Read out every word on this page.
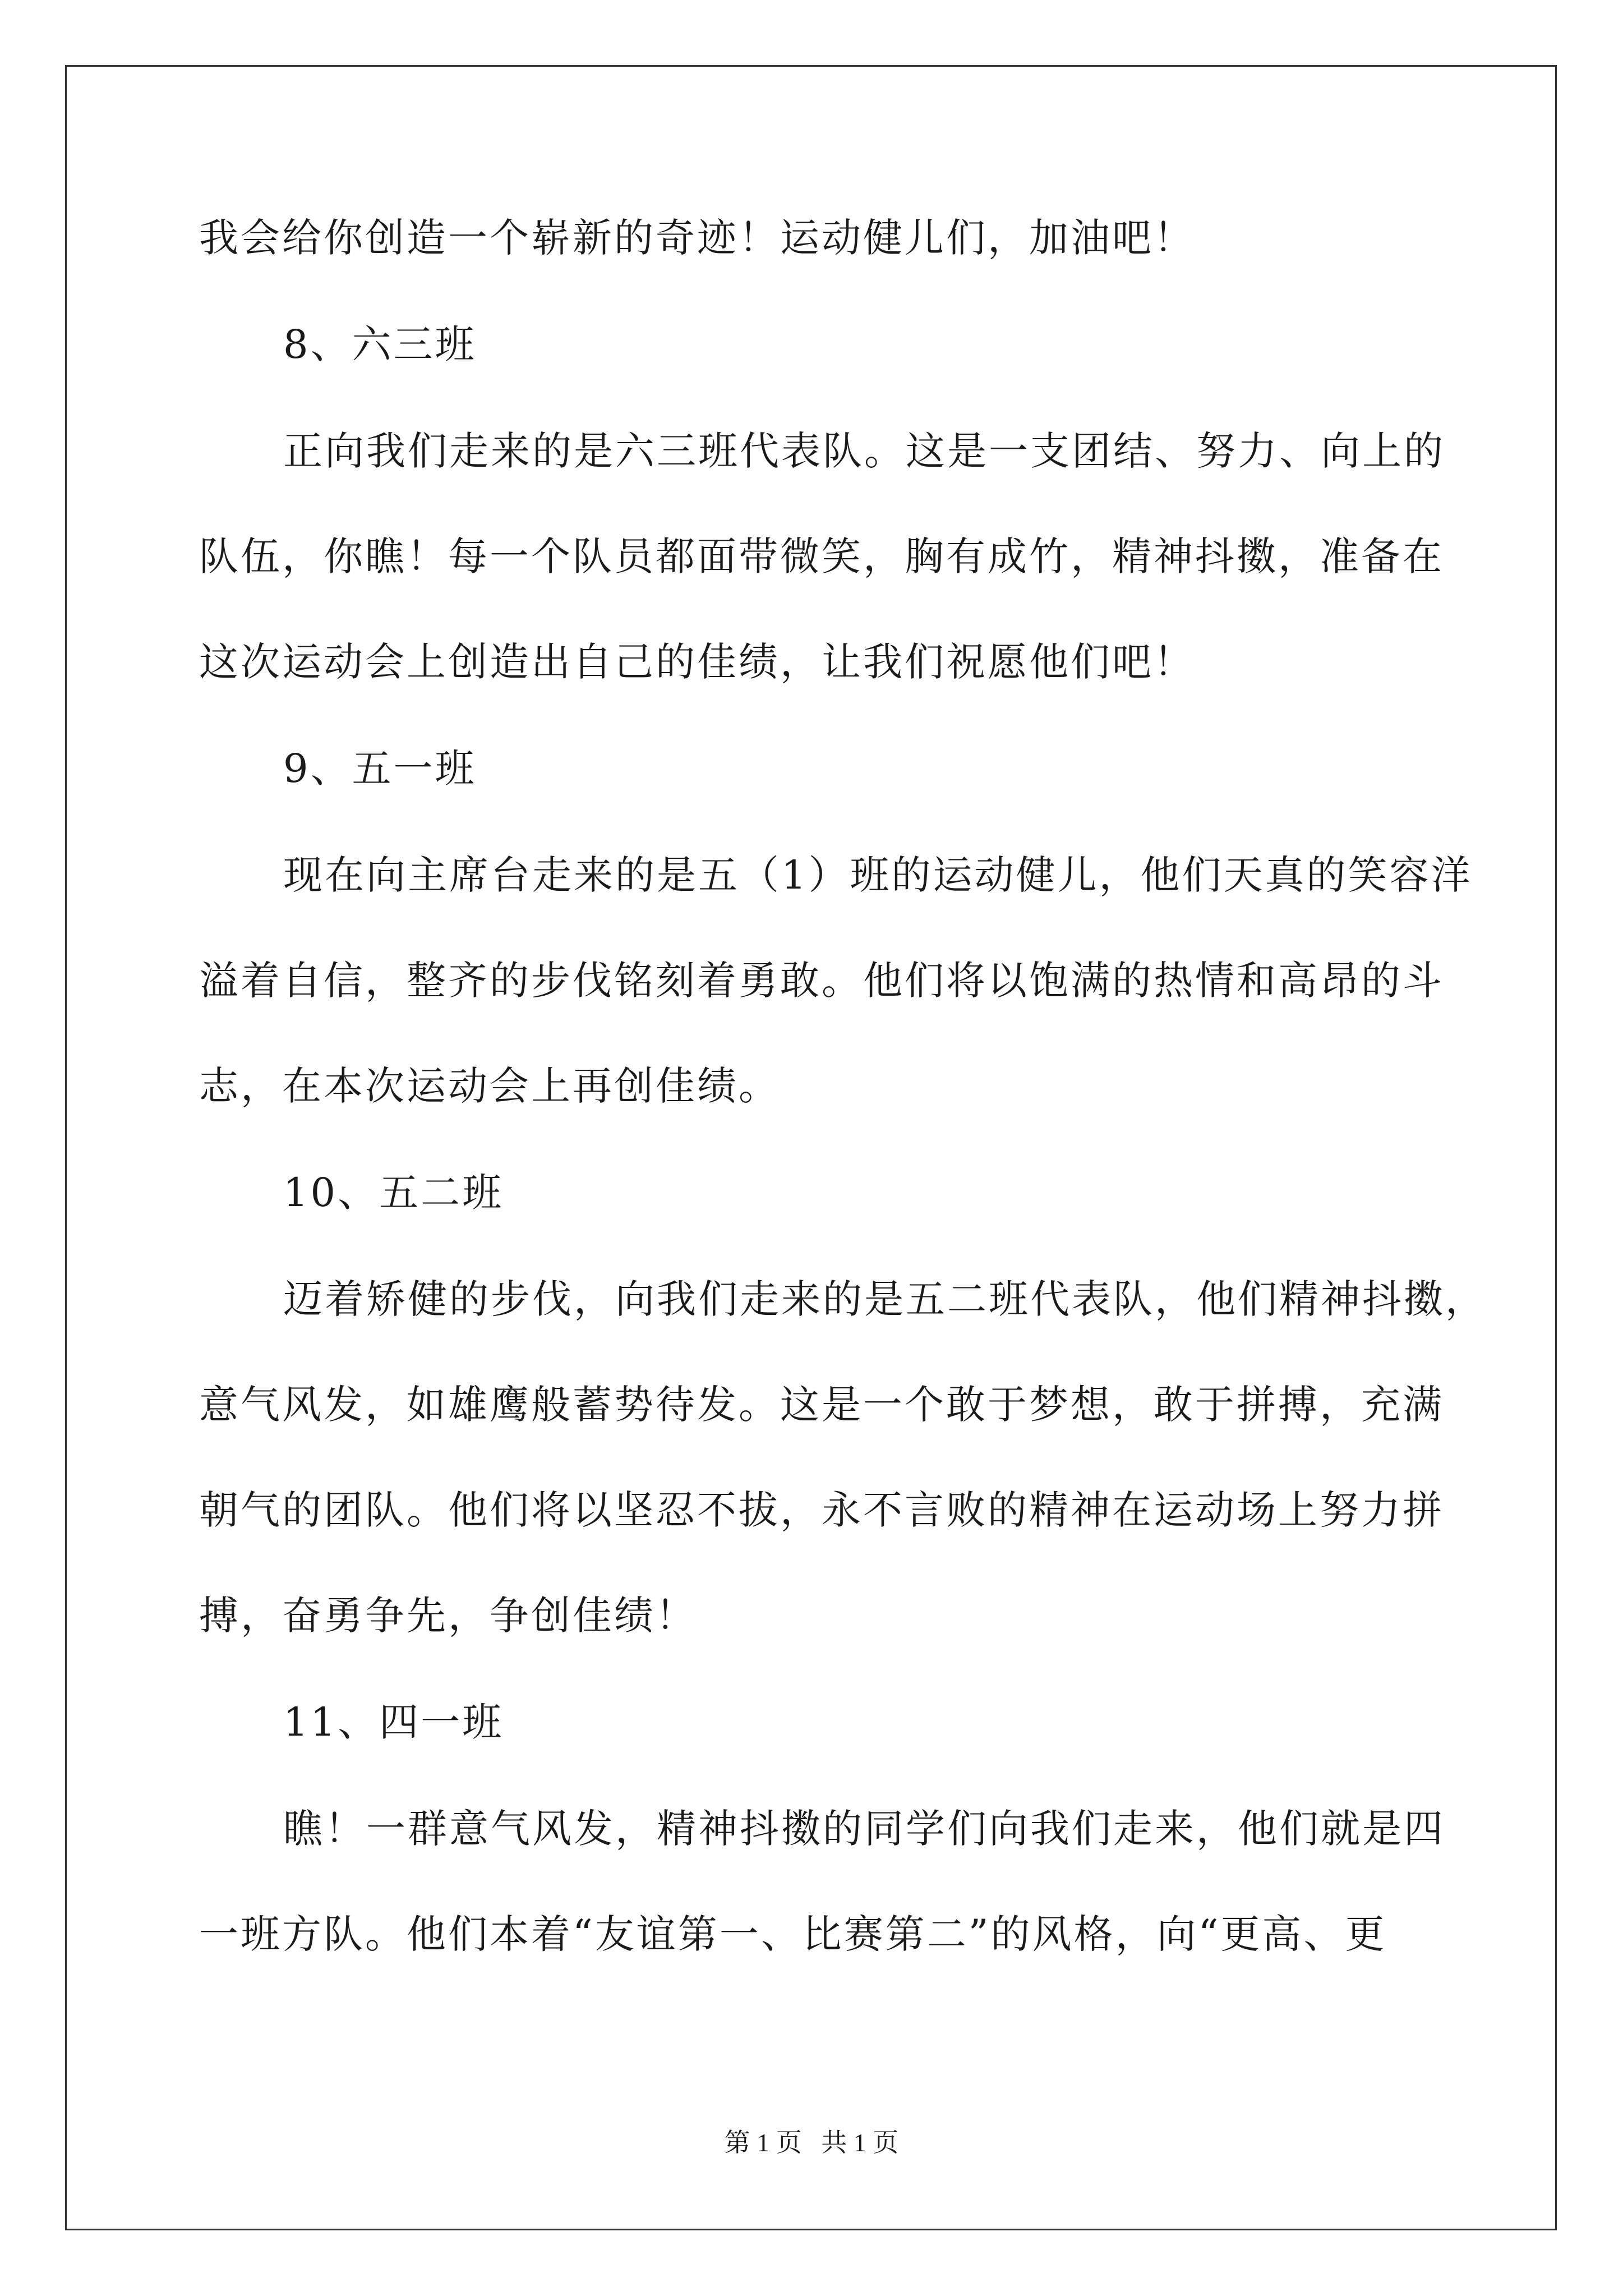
我会给你创造一个崭新的奇迹！运动健儿们，加油吧！

8、六三班

正向我们走来的是六三班代表队。这是一支团结、努力、向上的

队伍，你瞧！每一个队员都面带微笑，胸有成竹，精神抖擞，准备在

这次运动会上创造出自己的佳绩，让我们祝愿他们吧！

9、五一班

现在向主席台走来的是五（1）班的运动健儿，他们天真的笑容洋

溢着自信，整齐的步伐铭刻着勇敢。他们将以饱满的热情和高昂的斗

志，在本次运动会上再创佳绩。

10、五二班

迈着矫健的步伐，向我们走来的是五二班代表队，他们精神抖擞，

意气风发，如雄鹰般蓄势待发。这是一个敢于梦想，敢于拼搏，充满

朝气的团队。他们将以坚忍不拔，永不言败的精神在运动场上努力拼

搏，奋勇争先，争创佳绩！

11、四一班

瞧！一群意气风发，精神抖擞的同学们向我们走来，他们就是四

一班方队。他们本着“友谊第一、比赛第二”的风格，向“更高、更

第 1 页   共 1 页
